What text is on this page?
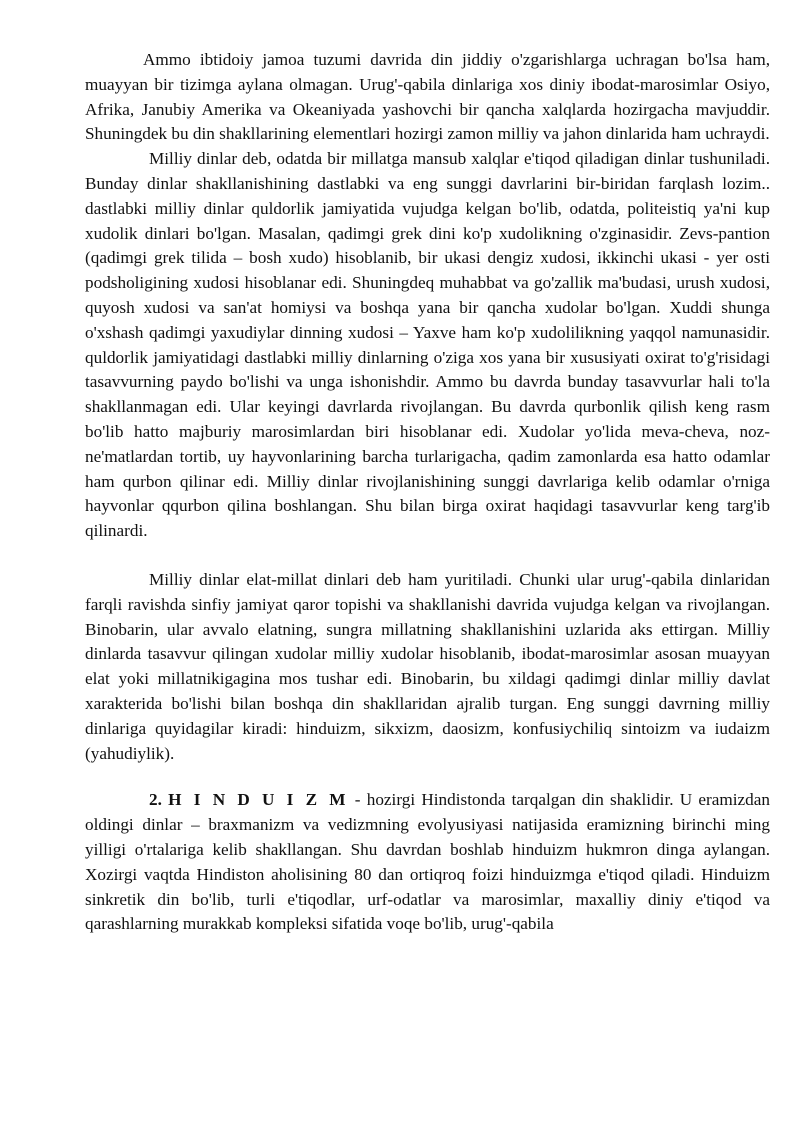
Ammo ibtidoiy jamoa tuzumi davrida din jiddiy o'zgarishlarga uchragan bo'lsa ham, muayyan bir tizimga aylana olmagan. Urug'-qabila dinlariga xos diniy ibodat-marosimlar Osiyo, Afrika, Janubiy Amerika va Okeaniyada yashovchi bir qancha xalqlarda hozirgacha mavjuddir. Shuningdek bu din shakllarining elementlari hozirgi zamon milliy va jahon dinlarida ham uchraydi.

Milliy dinlar deb, odatda bir millatga mansub xalqlar e'tiqod qiladigan dinlar tushuniladi. Bunday dinlar shakllanishining dastlabki va eng sunggi davrlarini bir-biridan farqlash lozim.. dastlabki milliy dinlar quldorlik jamiyatida vujudga kelgan bo'lib, odatda, politeistiq ya'ni kup xudolik dinlari bo'lgan. Masalan, qadimgi grek dini ko'p xudolikning o'zginasidir. Zevs-pantion (qadimgi grek tilida – bosh xudo) hisoblanib, bir ukasi dengiz xudosi, ikkinchi ukasi - yer osti podsholigining xudosi hisoblanar edi. Shuningdeq muhabbat va go'zallik ma'budasi, urush xudosi, quyosh xudosi va san'at homiysi va boshqa yana bir qancha xudolar bo'lgan. Xuddi shunga o'xshash qadimgi yaxudiylar dinning xudosi – Yaxve ham ko'p xudolilikning yaqqol namunasidir. quldorlik jamiyatidagi dastlabki milliy dinlarning o'ziga xos yana bir xususiyati oxirat to'g'risidagi tasavvurning paydo bo'lishi va unga ishonishdir. Ammo bu davrda bunday tasavvurlar hali to'la shakllanmagan edi. Ular keyingi davrlarda rivojlangan. Bu davrda qurbonlik qilish keng rasm bo'lib hatto majburiy marosimlardan biri hisoblanar edi. Xudolar yo'lida meva-cheva, noz-ne'matlardan tortib, uy hayvonlarining barcha turlarigacha, qadim zamonlarda esa hatto odamlar ham qurbon qilinar edi. Milliy dinlar rivojlanishining sunggi davrlariga kelib odamlar o'rniga hayvonlar qqurbon qilina boshlangan. Shu bilan birga oxirat haqidagi tasavvurlar keng targ'ib qilinardi.

Milliy dinlar elat-millat dinlari deb ham yuritiladi. Chunki ular urug'-qabila dinlaridan farqli ravishda sinfiy jamiyat qaror topishi va shakllanishi davrida vujudga kelgan va rivojlangan. Binobarin, ular avvalo elatning, sungra millatning shakllanishini uzlarida aks ettirgan. Milliy dinlarda tasavvur qilingan xudolar milliy xudolar hisoblanib, ibodat-marosimlar asosan muayyan elat yoki millatnikigagina mos tushar edi. Binobarin, bu xildagi qadimgi dinlar milliy davlat xarakterida bo'lishi bilan boshqa din shakllaridan ajralib turgan. Eng sunggi davrning milliy dinlariga quyidagilar kiradi: hinduizm, sikxizm, daosizm, konfusiychiliq sintoizm va iudaizm (yahudiylik).

2. H I N D U I Z M - hozirgi Hindistonda tarqalgan din shaklidir. U eramizdan oldingi dinlar – braxmanizm va vedizmning evolyusiyasi natijasida eramizning birinchi ming yilligi o'rtalariga kelib shakllangan. Shu davrdan boshlab hinduizm hukmron dinga aylangan. Xozirgi vaqtda Hindiston aholisining 80 dan ortiqroq foizi hinduizmga e'tiqod qiladi. Hinduizm sinkretik din bo'lib, turli e'tiqodlar, urf-odatlar va marosimlar, maxalliy diniy e'tiqod va qarashlarning murakkab kompleksi sifatida voqe bo'lib, urug'-qabila
